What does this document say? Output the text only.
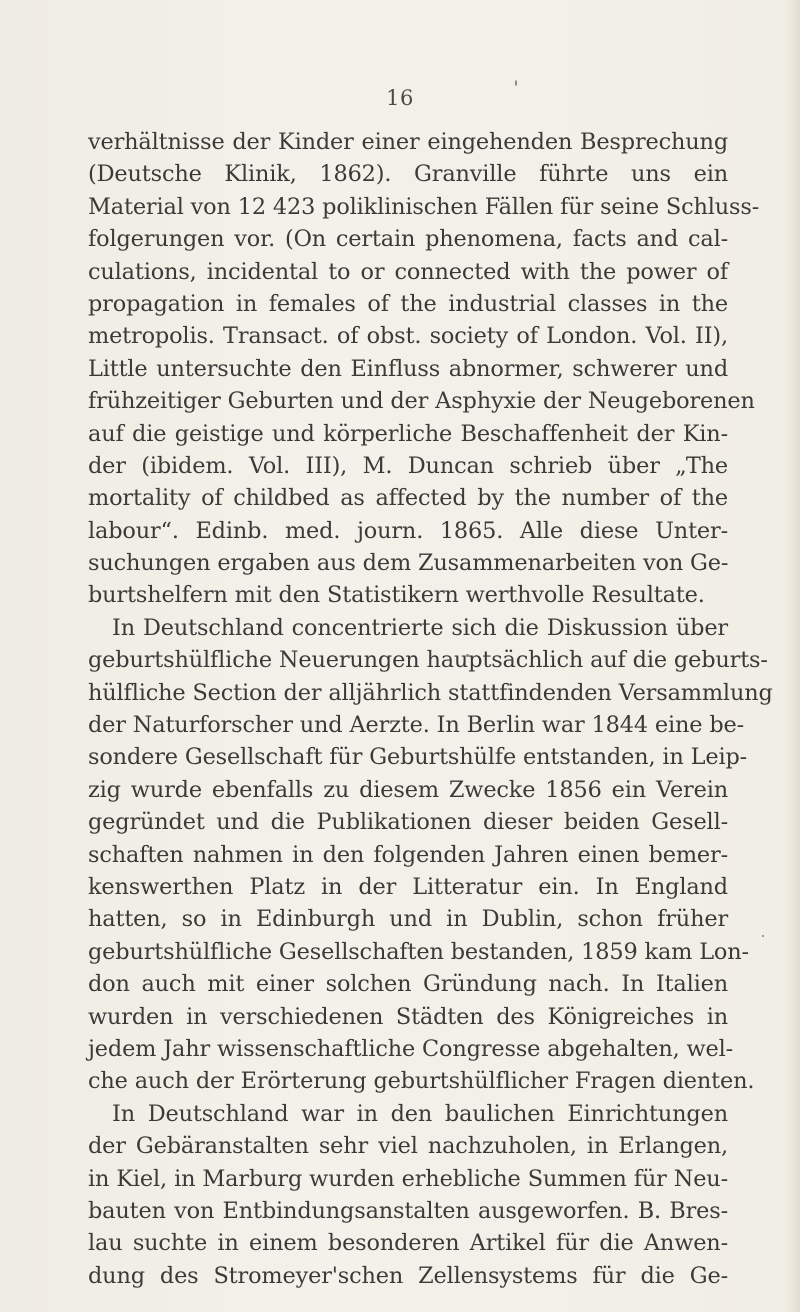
16
verhältnisse der Kinder einer eingehenden Besprechung
(Deutsche Klinik, 1862). Granville führte uns ein
Material von 12 423 poliklinischen Fällen für seine Schluss-
folgerungen vor. (On certain phenomena, facts and cal-
culations, incidental to or connected with the power of
propagation in females of the industrial classes in the
metropolis. Transact. of obst. society of London. Vol. II),
Little untersuchte den Einfluss abnormer, schwerer und
frühzeitiger Geburten und der Asphyxie der Neugeborenen
auf die geistige und körperliche Beschaffenheit der Kin-
der (ibidem. Vol. III), M. Duncan schrieb über „The
mortality of childbed as affected by the number of the
labour“. Edinb. med. journ. 1865. Alle diese Unter-
suchungen ergaben aus dem Zusammenarbeiten von Ge-
burtshelfern mit den Statistikern werthvolle Resultate.
In Deutschland concentrierte sich die Diskussion über
geburtshülfliche Neuerungen hauptsächlich auf die geburts-
hülfliche Section der alljährlich stattfindenden Versammlung
der Naturforscher und Aerzte. In Berlin war 1844 eine be-
sondere Gesellschaft für Geburtshülfe entstanden, in Leip-
zig wurde ebenfalls zu diesem Zwecke 1856 ein Verein
gegründet und die Publikationen dieser beiden Gesell-
schaften nahmen in den folgenden Jahren einen bemer-
kenswerthen Platz in der Litteratur ein. In England
hatten, so in Edinburgh und in Dublin, schon früher
geburtshülfliche Gesellschaften bestanden, 1859 kam Lon-
don auch mit einer solchen Gründung nach. In Italien
wurden in verschiedenen Städten des Königreiches in
jedem Jahr wissenschaftliche Congresse abgehalten, wel-
che auch der Erörterung geburtshülflicher Fragen dienten.
In Deutschland war in den baulichen Einrichtungen
der Gebäranstalten sehr viel nachzuholen, in Erlangen,
in Kiel, in Marburg wurden erhebliche Summen für Neu-
bauten von Entbindungsanstalten ausgeworfen. B. Bres-
lau suchte in einem besonderen Artikel für die Anwen-
dung des Stromeyer'schen Zellensystems für die Ge-
